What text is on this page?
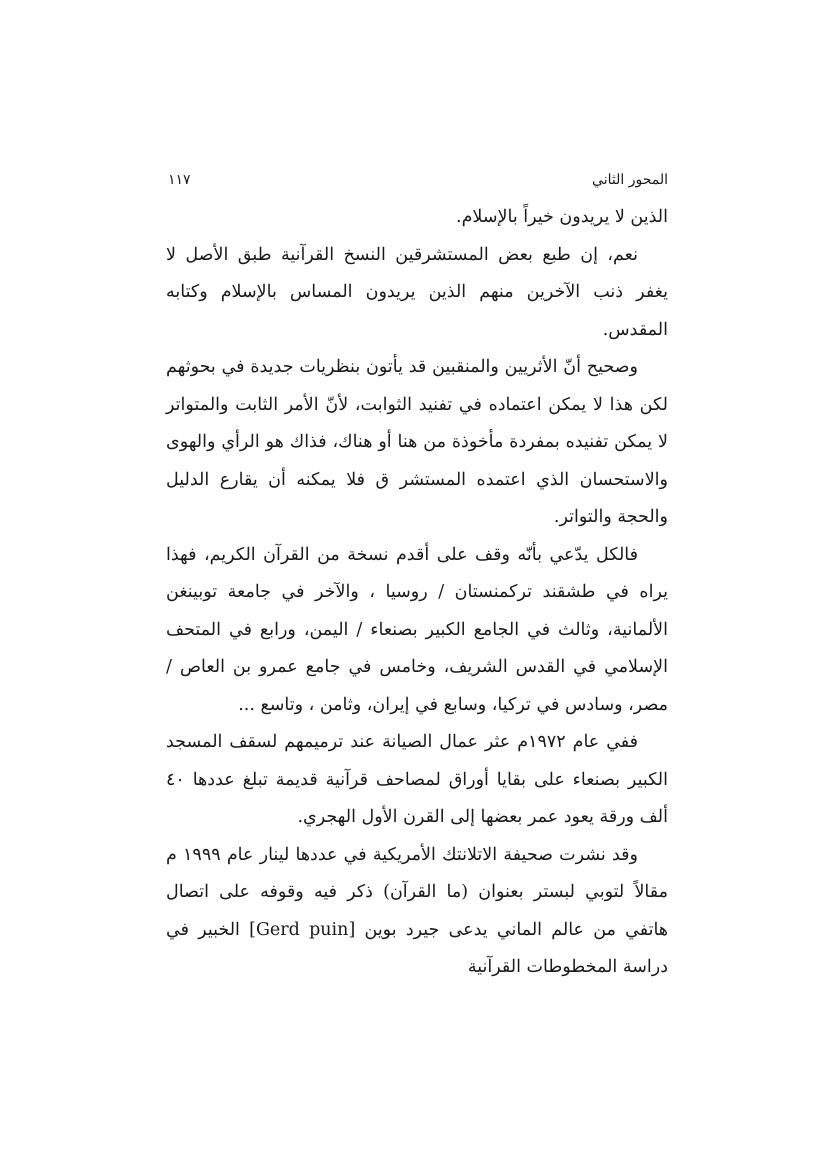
المحور الثاني
١١٧

الذين لا يريدون خيراً بالإسلام.

نعم، إن طبع بعض المستشرقين النسخ القرآنية طبق الأصل لا يغفر ذنب الآخرين منهم الذين يريدون المساس بالإسلام وكتابه المقدس.

وصحيح أنّ الأثريين والمنقبين قد يأتون بنظريات جديدة في بحوثهم لكن هذا لا يمكن اعتماده في تفنيد الثوابت، لأنّ الأمر الثابت والمتواتر لا يمكن تفنيده بمفردة مأخوذة من هنا أو هناك، فذاك هو الرأي والهوى والاستحسان الذي اعتمده المستشر ق فلا يمكنه أن يقارع الدليل والحجة والتواتر.

فالكل يدّعي بأنّه وقف على أقدم نسخة من القرآن الكريم، فهذا يراه في طشقند تركمنستان / روسيا ، والآخر في جامعة توبينغن الألمانية، وثالث في الجامع الكبير بصنعاء / اليمن، ورابع في المتحف الإسلامي في القدس الشريف، وخامس في جامع عمرو بن العاص / مصر، وسادس في تركيا، وسابع في إيران، وثامن ، وتاسع ...

ففي عام ١٩٧٢م عثر عمال الصيانة عند ترميمهم لسقف المسجد الكبير بصنعاء على بقايا أوراق لمصاحف قرآنية قديمة تبلغ عددها ٤٠ ألف ورقة يعود عمر بعضها إلى القرن الأول الهجري.

وقد نشرت صحيفة الاتلانتك الأمريكية في عددها لينار عام ١٩٩٩ م مقالاً لتوبي لبستر بعنوان (ما القرآن) ذكر فيه وقوفه على اتصال هاتفي من عالم الماني يدعى جيرد بوين [Gerd puin] الخبير في دراسة المخطوطات القرآنية
